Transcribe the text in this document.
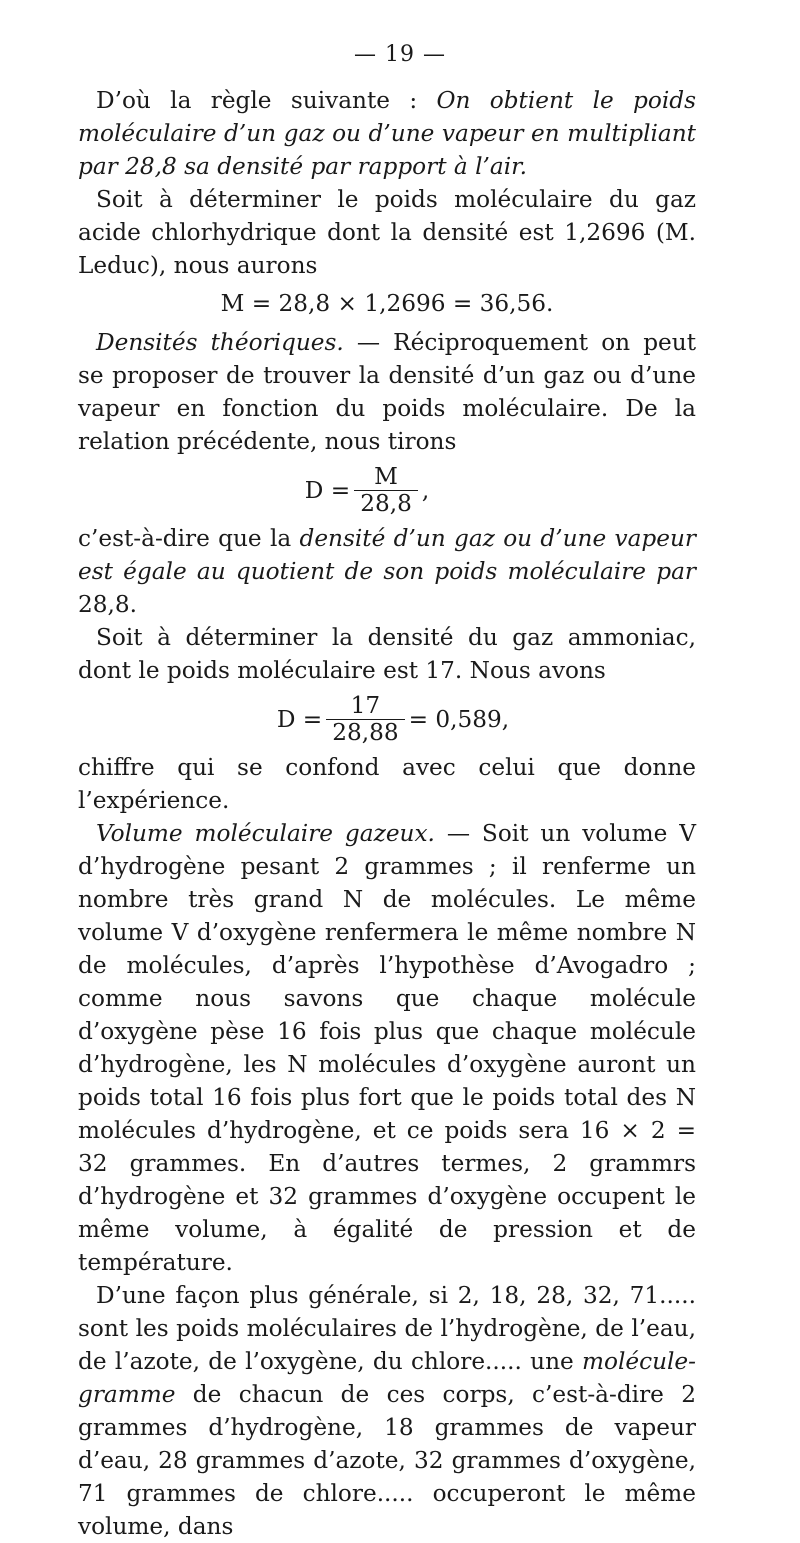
— 19 —

D’où la règle suivante : On obtient le poids moléculaire d’un gaz ou d’une vapeur en multipliant par 28,8 sa densité par rapport à l’air.

Soit à déterminer le poids moléculaire du gaz acide chlorhydrique dont la densité est 1,2696 (M. Leduc), nous aurons

M = 28,8 × 1,2696 = 36,56.

Densités théoriques. — Réciproquement on peut se proposer de trouver la densité d’un gaz ou d’une vapeur en fonction du poids moléculaire. De la relation précédente, nous tirons

$D = \frac{M}{28,8}$ ,

c’est-à-dire que la densité d’un gaz ou d’une vapeur est égale au quotient de son poids moléculaire par 28,8.

Soit à déterminer la densité du gaz ammoniac, dont le poids moléculaire est 17. Nous avons

$D = \frac{17}{28,88} = 0,589$,

chiffre qui se confond avec celui que donne l’expérience.

Volume moléculaire gazeux. — Soit un volume V d’hydrogène pesant 2 grammes ; il renferme un nombre très grand N de molécules. Le même volume V d’oxygène renfermera le même nombre N de molécules, d’après l’hypothèse d’Avogadro ; comme nous savons que chaque molécule d’oxygène pèse 16 fois plus que chaque molécule d’hydrogène, les N molécules d’oxygène auront un poids total 16 fois plus fort que le poids total des N molécules d’hydrogène, et ce poids sera 16 × 2 = 32 grammes. En d’autres termes, 2 grammrs d’hydrogène et 32 grammes d’oxygène occupent le même volume, à égalité de pression et de température.

D’une façon plus générale, si 2, 18, 28, 32, 71..... sont les poids moléculaires de l’hydrogène, de l’eau, de l’azote, de l’oxygène, du chlore..... une molécule-gramme de chacun de ces corps, c’est-à-dire 2 grammes d’hydrogène, 18 grammes de vapeur d’eau, 28 grammes d’azote, 32 grammes d’oxygène, 71 grammes de chlore..... occuperont le même volume, dans
